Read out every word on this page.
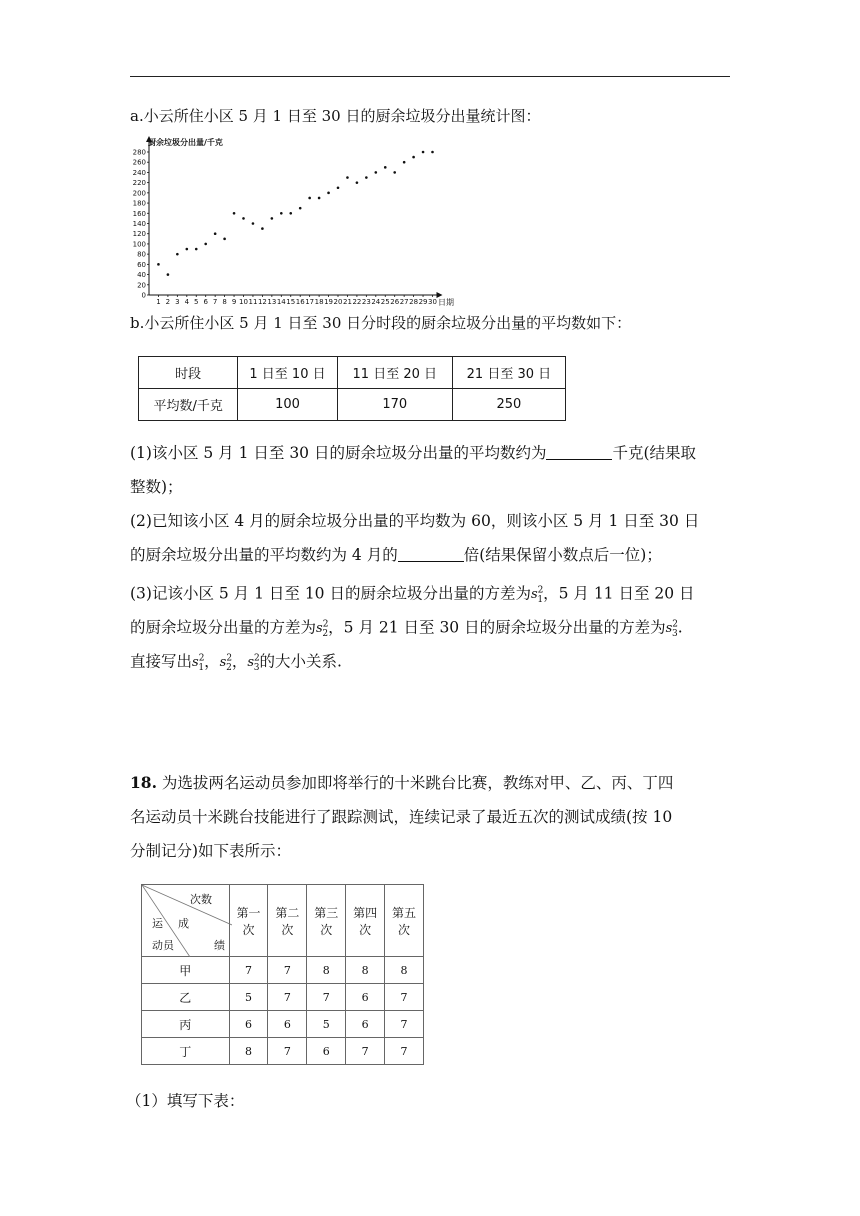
a.小云所住小区 5 月 1 日至 30 日的厨余垃圾分出量统计图：
0
20
40
60
80
100
120
140
160
180
200
220
240
260
280
1 2 3 4 5 6 7 8 9 10 11 12 13 14 15 16 17 18 19 20 21 22 23 24 25 26 27 28 29 30
厨余垃圾分出量/千克
日期
b.小云所住小区 5 月 1 日至 30 日分时段的厨余垃圾分出量的平均数如下：
时段	1 日至 10 日	11 日至 20 日	21 日至 30 日
平均数/千克	100	170	250
(1)该小区 5 月 1 日至 30 日的厨余垃圾分出量的平均数约为	千克(结果取
整数)；
(2)已知该小区 4 月的厨余垃圾分出量的平均数为 60，则该小区 5 月 1 日至 30 日
的厨余垃圾分出量的平均数约为 4 月的	倍(结果保留小数点后一位)；
(3)记该小区 5 月 1 日至 10 日的厨余垃圾分出量的方差为$s^2_1$，5 月 11 日至 20 日
的厨余垃圾分出量的方差为$s^2_2$，5 月 21 日至 30 日的厨余垃圾分出量的方差为$s^2_3$.
直接写出$s^2_1$，$s^2_2$，$s^2_3$的大小关系.
18. 为选拔两名运动员参加即将举行的十米跳台比赛，教练对甲、乙、丙、丁四
名运动员十米跳台技能进行了跟踪测试，连续记录了最近五次的测试成绩(按 10
分制记分)如下表所示：
次数
运 成
动员 绩	第一次	第二次	第三次	第四次	第五次
甲	7	7	8	8	8
乙	5	7	7	6	7
丙	6	6	5	6	7
丁	8	7	6	7	7
（1）填写下表：
